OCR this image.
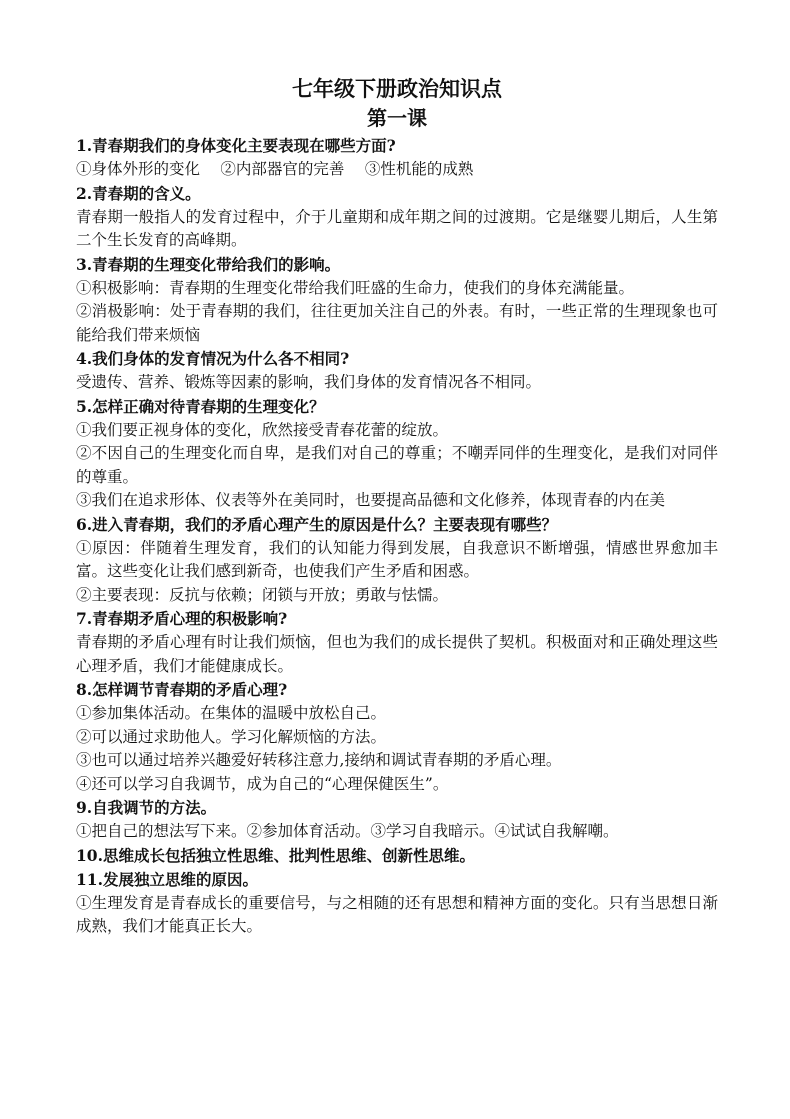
七年级下册政治知识点
第一课

1.青春期我们的身体变化主要表现在哪些方面?

①身体外形的变化　 ②内部器官的完善　 ③性机能的成熟

2.青春期的含义。

青春期一般指人的发育过程中，介于儿童期和成年期之间的过渡期。它是继婴儿期后，人生第二个生长发育的高峰期。

3.青春期的生理变化带给我们的影响。

①积极影响：青春期的生理变化带给我们旺盛的生命力，使我们的身体充满能量。

②消极影响：处于青春期的我们，往往更加关注自己的外表。有时，一些正常的生理现象也可能给我们带来烦恼

4.我们身体的发育情况为什么各不相同?

受遗传、营养、锻炼等因素的影响，我们身体的发育情况各不相同。

5.怎样正确对待青春期的生理变化？

①我们要正视身体的变化，欣然接受青春花蕾的绽放。

②不因自己的生理变化而自卑，是我们对自己的尊重；不嘲弄同伴的生理变化，是我们对同伴的尊重。

③我们在追求形体、仪表等外在美同时，也要提高品德和文化修养，体现青春的内在美

6.进入青春期，我们的矛盾心理产生的原因是什么？主要表现有哪些？

①原因：伴随着生理发育，我们的认知能力得到发展，自我意识不断增强，情感世界愈加丰富。这些变化让我们感到新奇，也使我们产生矛盾和困惑。

②主要表现：反抗与依赖；闭锁与开放；勇敢与怯懦。

7.青春期矛盾心理的积极影响?

青春期的矛盾心理有时让我们烦恼，但也为我们的成长提供了契机。积极面对和正确处理这些心理矛盾，我们才能健康成长。

8.怎样调节青春期的矛盾心理?

①参加集体活动。在集体的温暖中放松自己。

②可以通过求助他人。学习化解烦恼的方法。

③也可以通过培养兴趣爱好转移注意力,接纳和调试青春期的矛盾心理。

④还可以学习自我调节，成为自己的“心理保健医生”。

9.自我调节的方法。

①把自己的想法写下来。②参加体育活动。③学习自我暗示。④试试自我解嘲。

10.思维成长包括独立性思维、批判性思维、创新性思维。

11.发展独立思维的原因。

①生理发育是青春成长的重要信号，与之相随的还有思想和精神方面的变化。只有当思想日渐成熟，我们才能真正长大。
